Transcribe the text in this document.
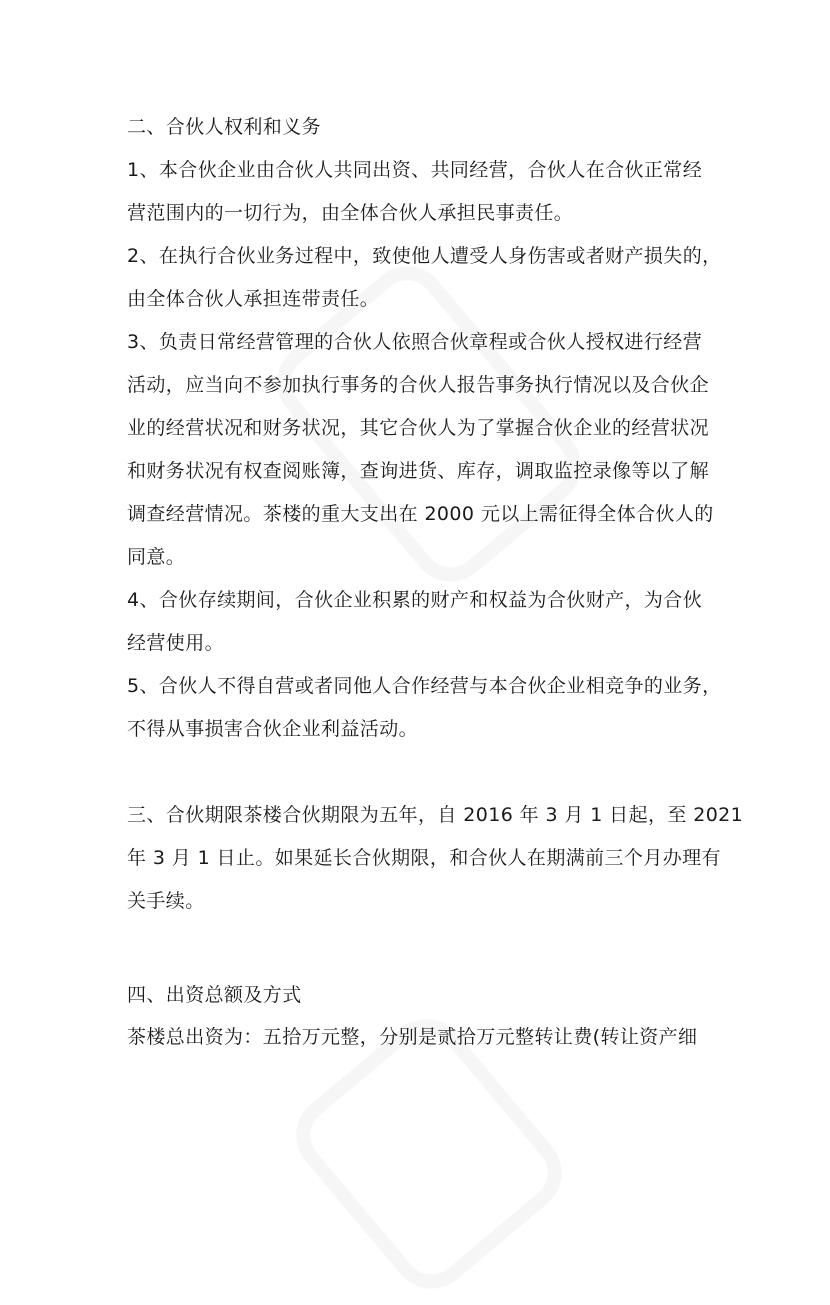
二、合伙人权利和义务
1、本合伙企业由合伙人共同出资、共同经营，合伙人在合伙正常经
营范围内的一切行为，由全体合伙人承担民事责任。
2、在执行合伙业务过程中，致使他人遭受人身伤害或者财产损失的，
由全体合伙人承担连带责任。
3、负责日常经营管理的合伙人依照合伙章程或合伙人授权进行经营
活动，应当向不参加执行事务的合伙人报告事务执行情况以及合伙企
业的经营状况和财务状况，其它合伙人为了掌握合伙企业的经营状况
和财务状况有权查阅账簿，查询进货、库存，调取监控录像等以了解
调查经营情况。茶楼的重大支出在 2000 元以上需征得全体合伙人的
同意。
4、合伙存续期间，合伙企业积累的财产和权益为合伙财产，为合伙
经营使用。
5、合伙人不得自营或者同他人合作经营与本合伙企业相竞争的业务，
不得从事损害合伙企业利益活动。
三、合伙期限茶楼合伙期限为五年，自 2016 年 3 月 1 日起，至 2021
年 3 月 1 日止。如果延长合伙期限，和合伙人在期满前三个月办理有
关手续。
四、出资总额及方式
茶楼总出资为：五拾万元整，分别是贰拾万元整转让费(转让资产细
